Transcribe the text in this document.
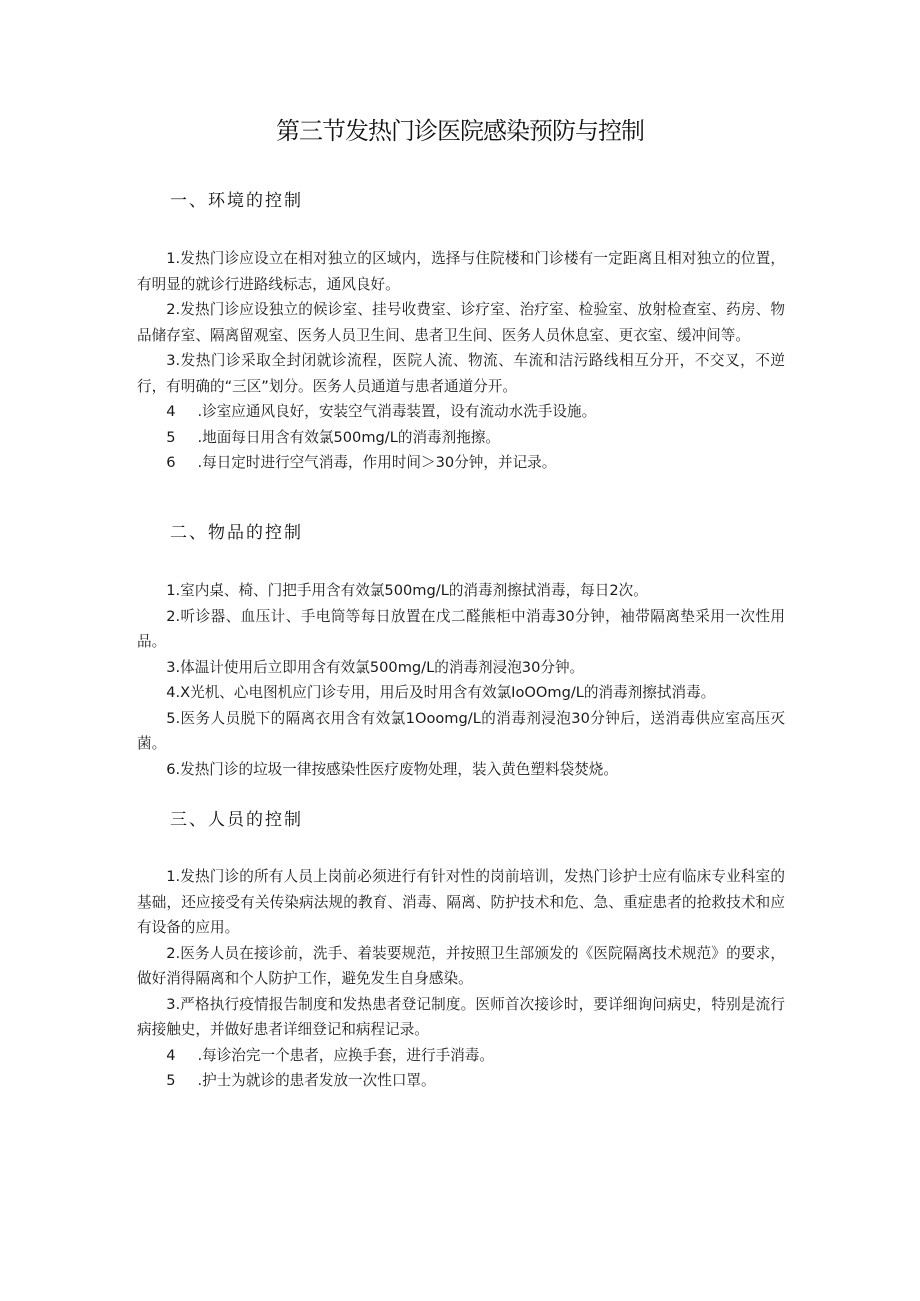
第三节发热门诊医院感染预防与控制
一、环境的控制

1.发热门诊应设立在相对独立的区域内，选择与住院楼和门诊楼有一定距离且相对独立的位置，有明显的就诊行进路线标志，通风良好。

2.发热门诊应设独立的候诊室、挂号收费室、诊疗室、治疗室、检验室、放射检查室、药房、物品储存室、隔离留观室、医务人员卫生间、患者卫生间、医务人员休息室、更衣室、缓冲间等。

3.发热门诊采取全封闭就诊流程，医院人流、物流、车流和洁污路线相互分开，不交叉，不逆行，有明确的“三区”划分。医务人员通道与患者通道分开。

4 .诊室应通风良好，安装空气消毒装置，设有流动水洗手设施。

5 .地面每日用含有效氯500mg∕L的消毒剂拖擦。

6 .每日定时进行空气消毒，作用时间＞30分钟，并记录。

二、物品的控制

1.室内桌、椅、门把手用含有效氯500mg∕L的消毒剂擦拭消毒，每日2次。

2.听诊器、血压计、手电筒等每日放置在戊二醛熊柜中消毒30分钟，袖带隔离垫采用一次性用品。

3.体温计使用后立即用含有效氯500mg∕L的消毒剂浸泡30分钟。

4.X光机、心电图机应门诊专用，用后及时用含有效氯IoOOmg/L的消毒剂擦拭消毒。

5.医务人员脱下的隔离衣用含有效氯1Ooomg/L的消毒剂浸泡30分钟后，送消毒供应室高压灭菌。

6.发热门诊的垃圾一律按感染性医疗废物处理，装入黄色塑料袋焚烧。

三、人员的控制

1.发热门诊的所有人员上岗前必须进行有针对性的岗前培训，发热门诊护士应有临床专业科室的基础，还应接受有关传染病法规的教育、消毒、隔离、防护技术和危、急、重症患者的抢救技术和应有设备的应用。

2.医务人员在接诊前，洗手、着装要规范，并按照卫生部颁发的《医院隔离技术规范》的要求，做好消得隔离和个人防护工作，避免发生自身感染。

3.严格执行疫情报告制度和发热患者登记制度。医师首次接诊时，要详细询问病史，特别是流行病接触史，并做好患者详细登记和病程记录。

4 .每诊治完一个患者，应换手套，进行手消毒。

5 .护士为就诊的患者发放一次性口罩。
